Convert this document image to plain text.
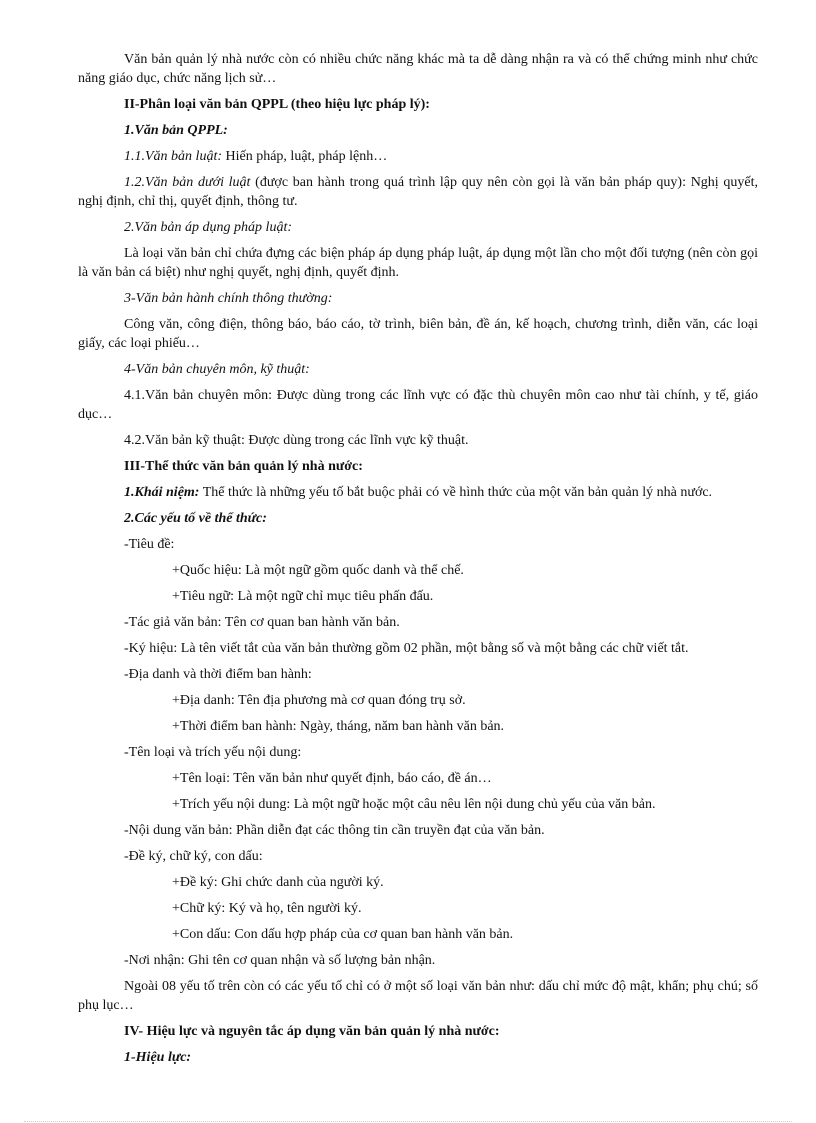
Văn bản quản lý nhà nước còn có nhiều chức năng khác mà ta dễ dàng nhận ra và có thể chứng minh như chức năng giáo dục, chức năng lịch sử…

II-Phân loại văn bản QPPL (theo hiệu lực pháp lý):

1.Văn bản QPPL:

1.1.Văn bản luật: Hiến pháp, luật, pháp lệnh…

1.2.Văn bản dưới luật (được ban hành trong quá trình lập quy nên còn gọi là văn bản pháp quy): Nghị quyết, nghị định, chỉ thị, quyết định, thông tư.

2.Văn bản áp dụng pháp luật:

Là loại văn bản chỉ chứa đựng các biện pháp áp dụng pháp luật, áp dụng một lần cho một đối tượng (nên còn gọi là văn bản cá biệt) như nghị quyết, nghị định, quyết định.

3-Văn bản hành chính thông thường:

Công văn, công điện, thông báo, báo cáo, tờ trình, biên bản, đề án, kế hoạch, chương trình, diễn văn, các loại giấy, các loại phiếu…

4-Văn bản chuyên môn, kỹ thuật:

4.1.Văn bản chuyên môn: Được dùng trong các lĩnh vực có đặc thù chuyên môn cao như tài chính, y tế, giáo dục…

4.2.Văn bản kỹ thuật: Được dùng trong các lĩnh vực kỹ thuật.

III-Thể thức văn bản quản lý nhà nước:

1.Khái niệm: Thể thức là những yếu tố bắt buộc phải có về hình thức của một văn bản quản lý nhà nước.

2.Các yếu tố về thể thức:

-Tiêu đề:

+Quốc hiệu: Là một ngữ gồm quốc danh và thể chế.

+Tiêu ngữ: Là một ngữ chỉ mục tiêu phấn đấu.

-Tác giả văn bản: Tên cơ quan ban hành văn bản.

-Ký hiệu: Là tên viết tắt của văn bản thường gồm 02 phần, một bằng số và một bằng các chữ viết tắt.

-Địa danh và thời điểm ban hành:

+Địa danh: Tên địa phương mà cơ quan đóng trụ sở.

+Thời điểm ban hành: Ngày, tháng, năm ban hành văn bản.

-Tên loại và trích yếu nội dung:

+Tên loại: Tên văn bản như quyết định, báo cáo, đề án…

+Trích yếu nội dung: Là một ngữ hoặc một câu nêu lên nội dung chủ yếu của văn bản.

-Nội dung văn bản: Phần diễn đạt các thông tin cần truyền đạt của văn bản.

-Đề ký, chữ ký, con dấu:

+Đề ký: Ghi chức danh của người ký.

+Chữ ký: Ký và họ, tên người ký.

+Con dấu: Con dấu hợp pháp của cơ quan ban hành văn bản.

-Nơi nhận: Ghi tên cơ quan nhận và số lượng bản nhận.

Ngoài 08 yếu tố trên còn có các yếu tố chỉ có ở một số loại văn bản như: dấu chỉ mức độ mật, khẩn; phụ chú; số phụ lục…

IV- Hiệu lực và nguyên tắc áp dụng văn bản quản lý nhà nước:

1-Hiệu lực:
